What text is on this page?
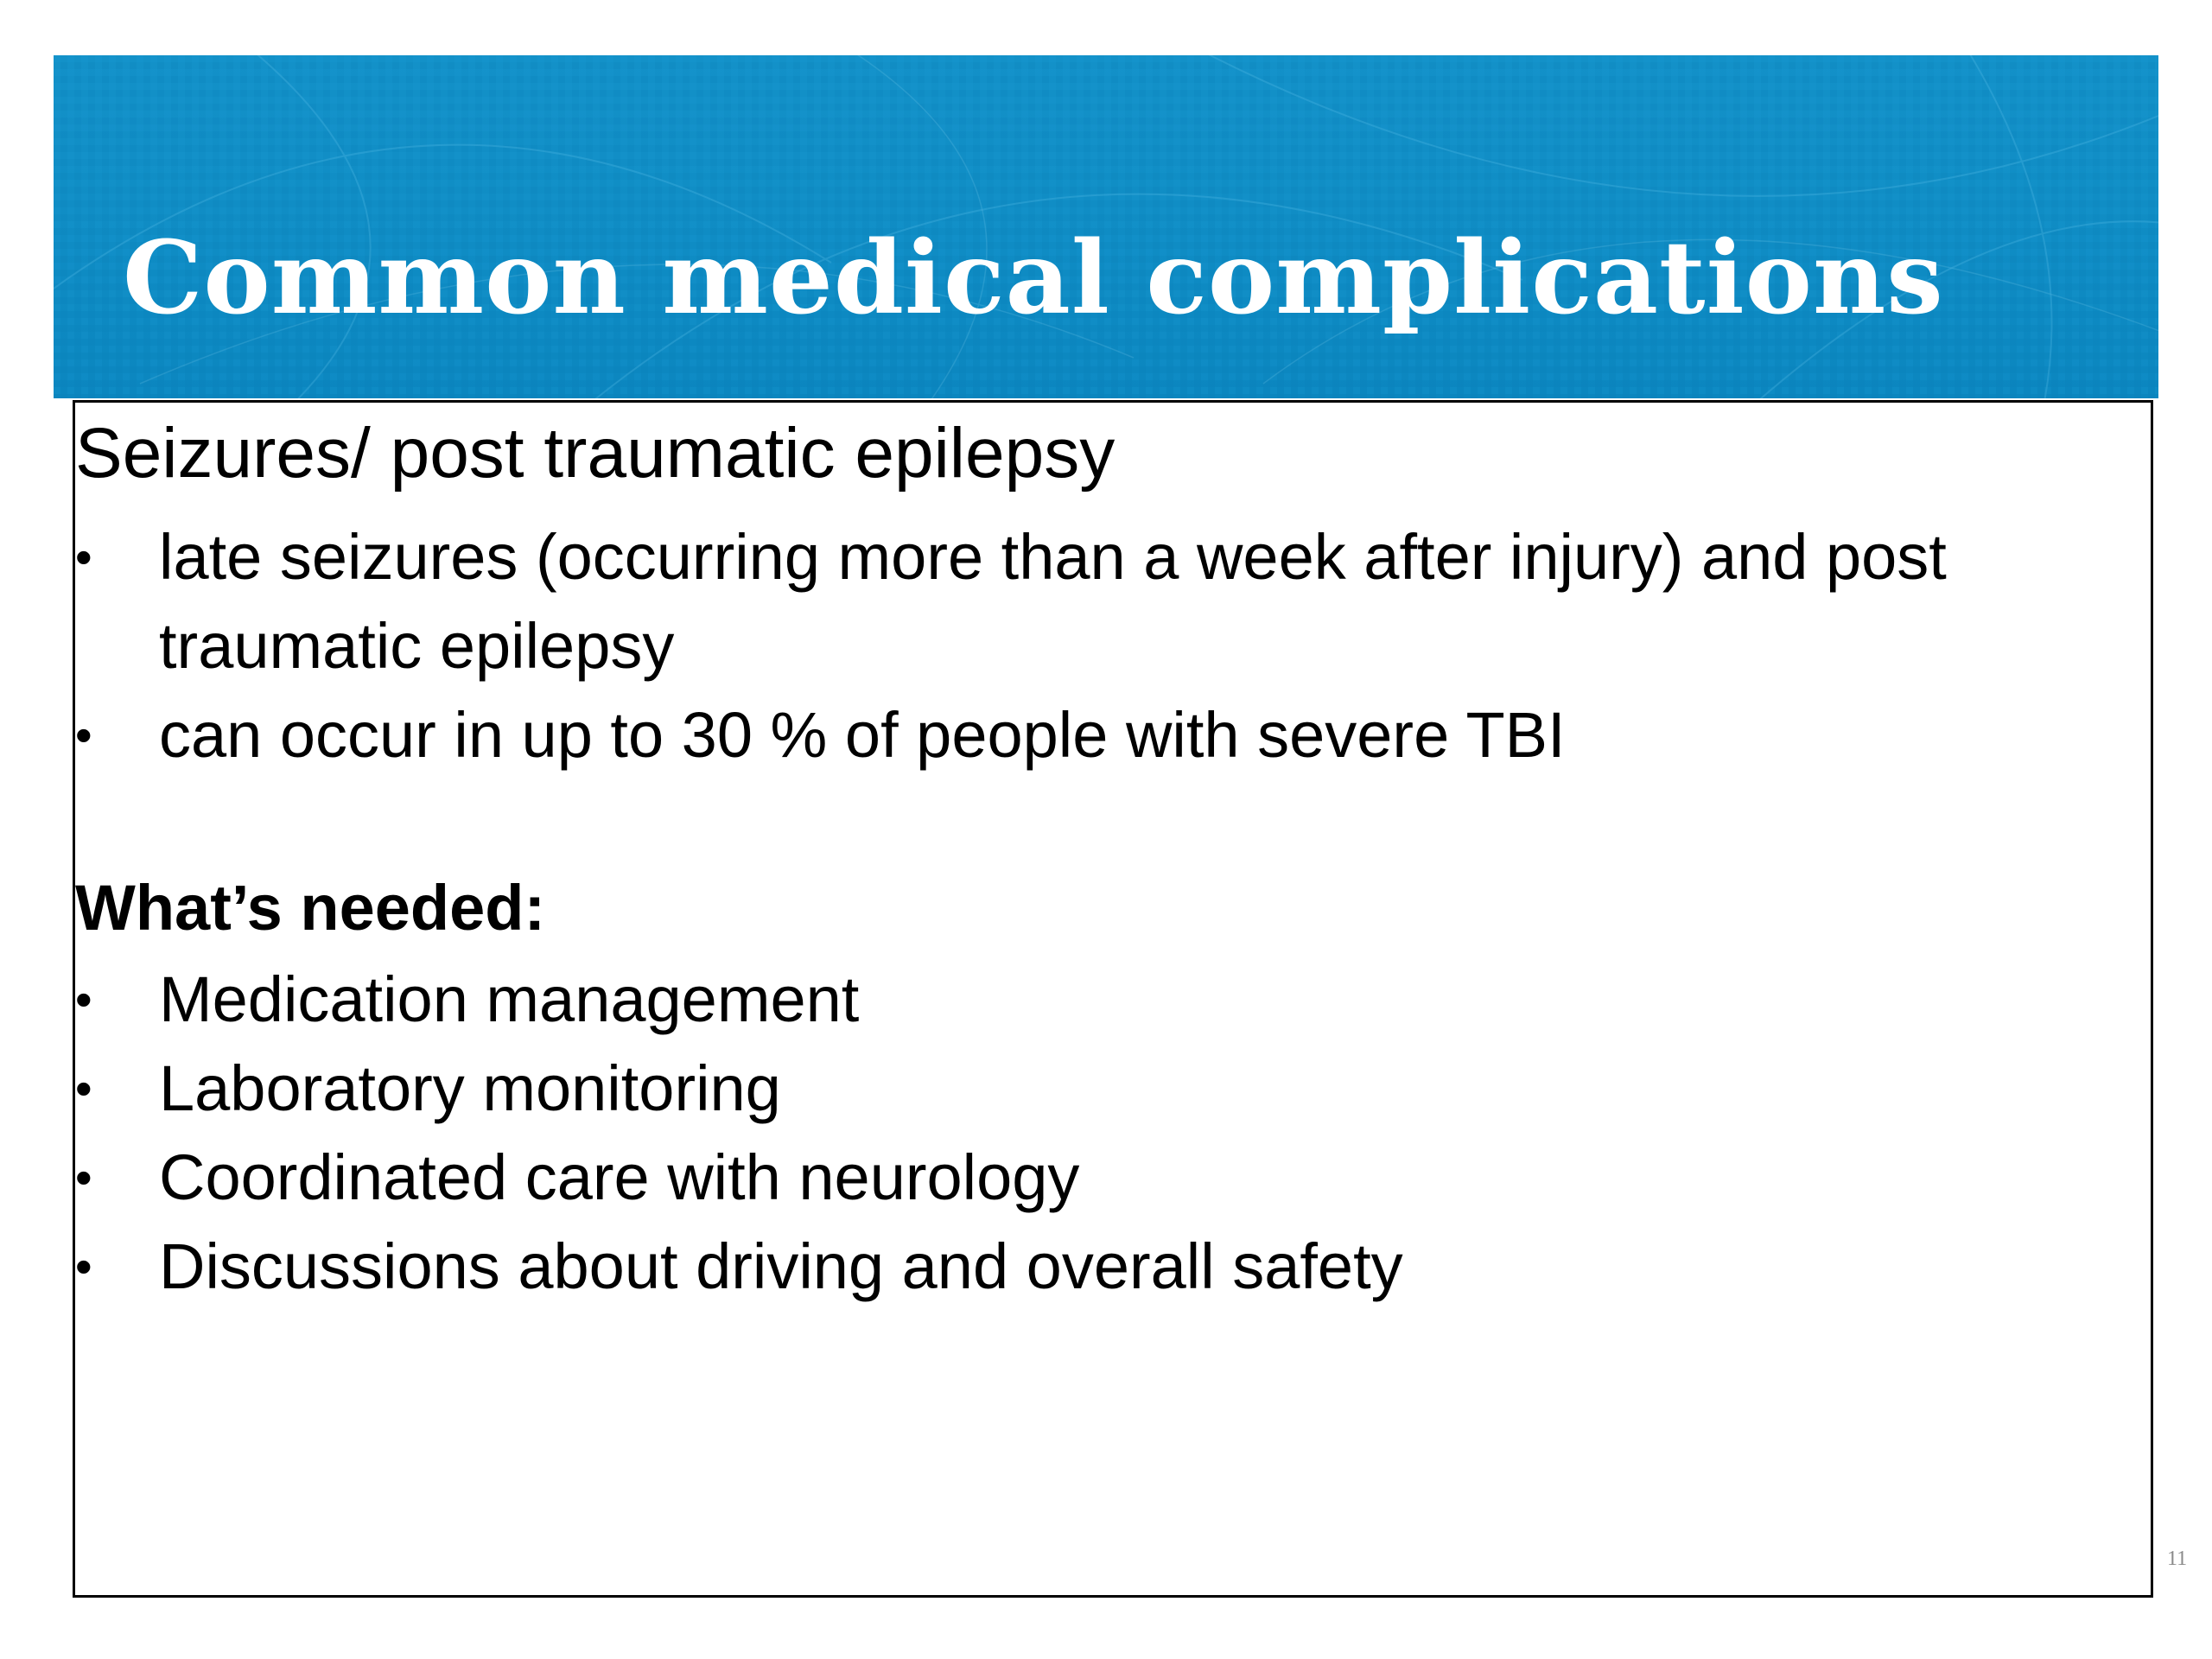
Common medical complications
Seizures/ post traumatic epilepsy
• late seizures (occurring more than a week after injury) and post traumatic epilepsy
• can occur in up to 30 % of people with severe TBI
What’s needed:
• Medication management
• Laboratory monitoring
• Coordinated care with neurology
• Discussions about driving and overall safety
11
